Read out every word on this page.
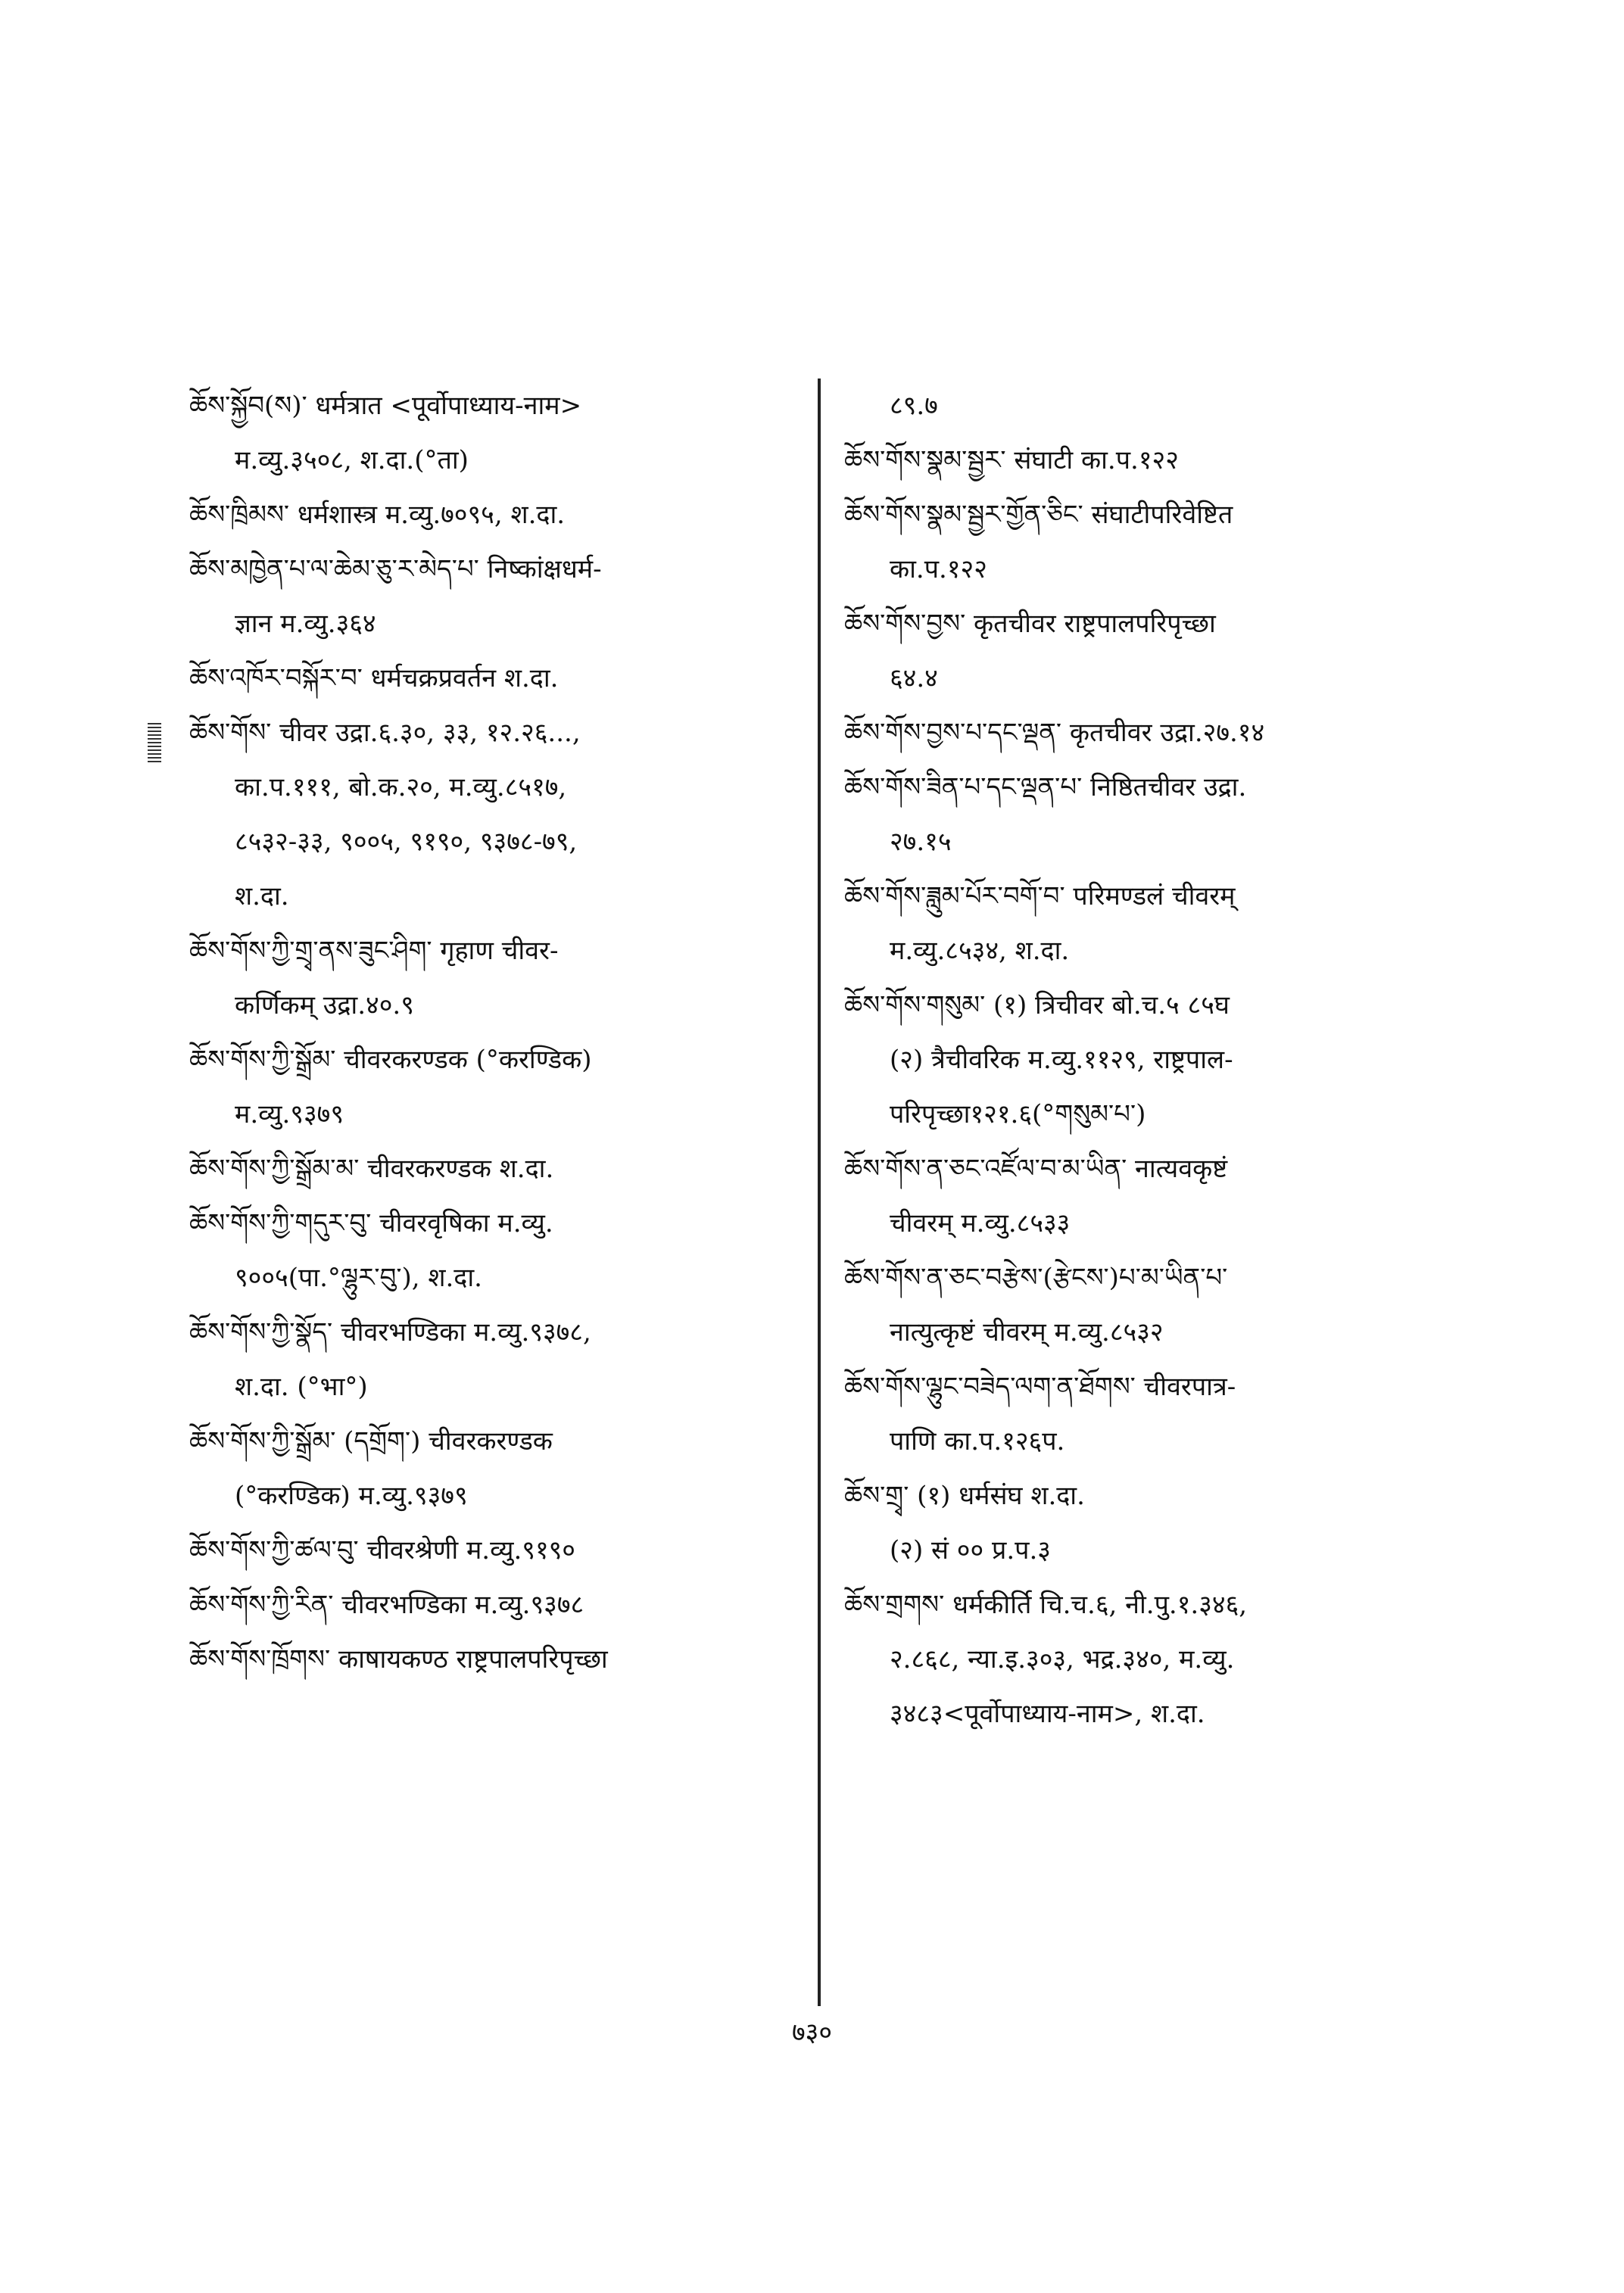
ཆོས་སྐྱོབ(ས)་ धर्मत्रात <पूर्वोपाध्याय-नाम>

म.व्यु.३५०८, श.दा.(°ता)

ཆོས་ཁྲིམས་ धर्मशास्त्र म.व्यु.७०९५, श.दा.

ཆོས་མཁྱེན་པ་ལ་ཆེམ་ཅུ་ར་མེད་པ་ निष्कांक्षधर्म-

ज्ञान म.व्यु.३६४

ཆོས་འཁོར་བསྐོར་བ་ धर्मचक्रप्रवर्तन श.दा.

ཆོས་གོས་ चीवर उद्रा.६.३०, ३३, १२.२६...,

का.प.१११, बो.क.२०, म.व्यु.८५१७,

८५३२-३३, ९००५, ९१९०, ९३७८-७९,

श.दा.

ཆོས་གོས་ཀྱི་གྲྭ་ནས་ཟུང་ཤིག་ गृहाण चीवर-

कर्णिकम् उद्रा.४०.९

ཆོས་གོས་ཀྱི་སྒྲོམ་ चीवरकरण्डक (°करण्डिक)

म.व्यु.९३७९

ཆོས་གོས་ཀྱི་སྒྲོམ་མ་ चीवरकरण्डक श.दा.

ཆོས་གོས་ཀྱི་གདུར་བུ་ चीवरवृषिका म.व्यु.

९००५(पा.°ལྷུར་བུ་), श.दा.

ཆོས་གོས་ཀྱི་སྣོད་ चीवरभण्डिका म.व्यु.९३७८,

श.दा. (°भा°)

ཆོས་གོས་ཀྱི་སྒྲོམ་ (དགྲོག་) चीवरकरण्डक

(°करण्डिक) म.व्यु.९३७९

ཆོས་གོས་ཀྱི་ཚལ་བུ་ चीवरश्रेणी म.व्यु.९१९०

ཆོས་གོས་ཀྱི་རིན་ चीवरभण्डिका म.व्यु.९३७८

ཆོས་གོས་ཁྲོགས་ काषायकण्ठ राष्ट्रपालपरिपृच्छा

८९.७

ཆོས་གོས་སྣམ་སྦྱར་ संघाटी का.प.१२२

ཆོས་གོས་སྣམ་སྦྱར་གྱོན་ཅིང་ संघाटीपरिवेष्टित

का.प.१२२

ཆོས་གོས་བྱས་ कृतचीवर राष्ट्रपालपरिपृच्छा

६४.४

ཆོས་གོས་བྱས་པ་དང་ལྡན་ कृतचीवर उद्रा.२७.१४

ཆོས་གོས་ཟིན་པ་དང་ལྡན་པ་ निष्ठितचीवर उद्रा.

२७.१५

ཆོས་གོས་ཟླུམ་པོར་བགོ་བ་ परिमण्डलं चीवरम्

म.व्यु.८५३४, श.दा.

ཆོས་གོས་གསུམ་ (१) त्रिचीवर बो.च.५ ८५घ

(२) त्रैचीवरिक म.व्यु.११२९, राष्ट्रपाल-

परिपृच्छा१२१.६(°གསུམ་པ་)

ཆོས་གོས་ན་ཅང་འཛོལ་བ་མ་ཡིན་ नात्यवकृष्टं

चीवरम् म.व्यु.८५३३

ཆོས་གོས་ན་ཅང་བརྩེས་(རྩེངས་)པ་མ་ཡིན་པ་

नात्युत्कृष्टं चीवरम् म.व्यु.८५३२

ཆོས་གོས་ལྷུང་བཟེད་ལག་ན་ཐོགས་ चीवरपात्र-

पाणि का.प.१२६प.

ཆོས་གྲྭ་ (१) धर्मसंघ श.दा.

(२) सं ०० प्र.प.३

ཆོས་གྲགས་ धर्मकीर्ति चि.च.६, नी.पु.१.३४६,

२.८६८, न्या.इ.३०३, भद्र.३४०, म.व्यु.

३४८३<पूर्वोपाध्याय-नाम>, श.दा.

७३०
